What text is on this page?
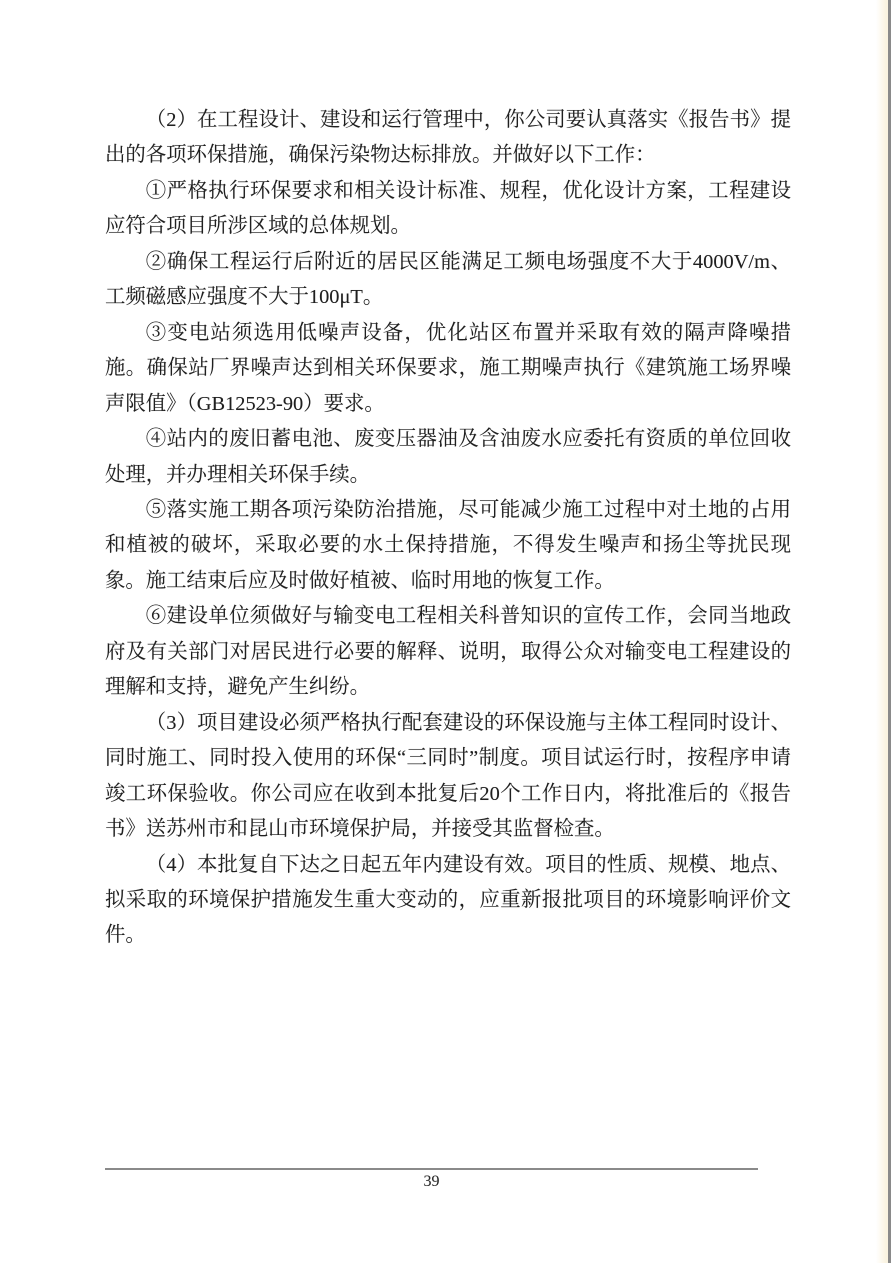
（2）在工程设计、建设和运行管理中，你公司要认真落实《报告书》提出的各项环保措施，确保污染物达标排放。并做好以下工作：

①严格执行环保要求和相关设计标准、规程，优化设计方案，工程建设应符合项目所涉区域的总体规划。

②确保工程运行后附近的居民区能满足工频电场强度不大于4000V/m、工频磁感应强度不大于100μT。

③变电站须选用低噪声设备，优化站区布置并采取有效的隔声降噪措施。确保站厂界噪声达到相关环保要求，施工期噪声执行《建筑施工场界噪声限值》（GB12523-90）要求。

④站内的废旧蓄电池、废变压器油及含油废水应委托有资质的单位回收处理，并办理相关环保手续。

⑤落实施工期各项污染防治措施，尽可能减少施工过程中对土地的占用和植被的破坏，采取必要的水土保持措施，不得发生噪声和扬尘等扰民现象。施工结束后应及时做好植被、临时用地的恢复工作。

⑥建设单位须做好与输变电工程相关科普知识的宣传工作，会同当地政府及有关部门对居民进行必要的解释、说明，取得公众对输变电工程建设的理解和支持，避免产生纠纷。

（3）项目建设必须严格执行配套建设的环保设施与主体工程同时设计、同时施工、同时投入使用的环保“三同时”制度。项目试运行时，按程序申请竣工环保验收。你公司应在收到本批复后20个工作日内，将批准后的《报告书》送苏州市和昆山市环境保护局，并接受其监督检查。

（4）本批复自下达之日起五年内建设有效。项目的性质、规模、地点、拟采取的环境保护措施发生重大变动的，应重新报批项目的环境影响评价文件。

39
